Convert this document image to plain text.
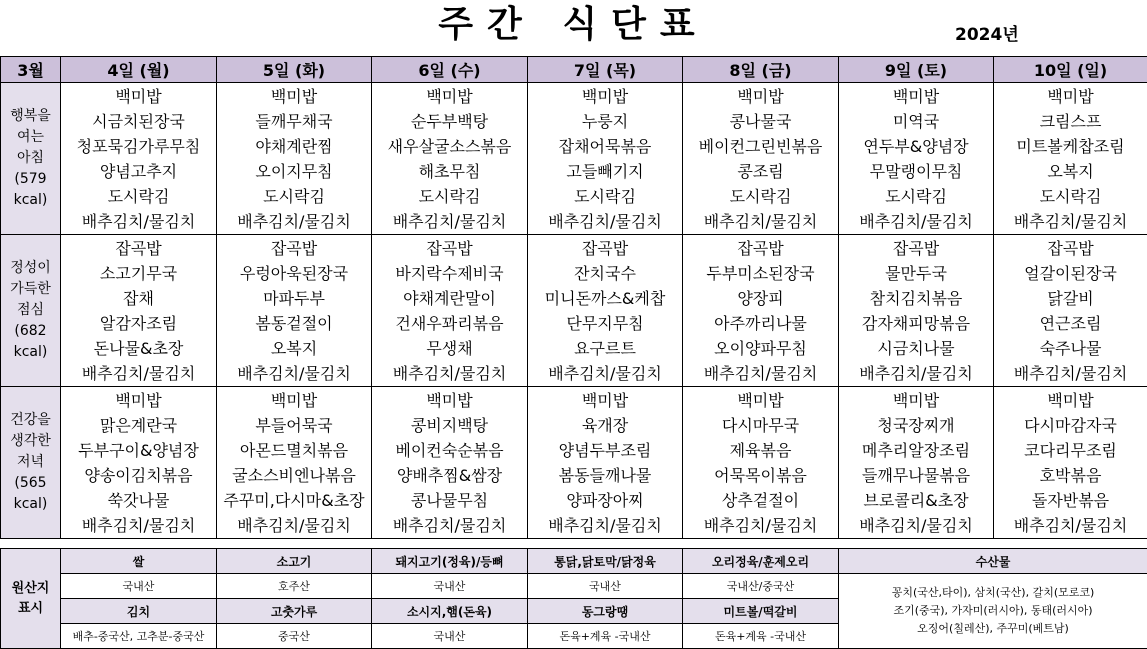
주간 식단표	2024년
3월	4일 (월)	5일 (화)	6일 (수)	7일 (목)	8일 (금)	9일 (토)	10일 (일)
행복을
여는
아침
(579
kcal)	백미밥	백미밥	백미밥	백미밥	백미밥	백미밥	백미밥
	시금치된장국	들깨무채국	순두부백탕	누룽지	콩나물국	미역국	크림스프
	청포묵김가루무침	야채계란찜	새우살굴소스볶음	잡채어묵볶음	베이컨그린빈볶음	연두부&양념장	미트볼케찹조림
	양념고추지	오이지무침	해초무침	고들빼기지	콩조림	무말랭이무침	오복지
	도시락김	도시락김	도시락김	도시락김	도시락김	도시락김	도시락김
	배추김치/물김치	배추김치/물김치	배추김치/물김치	배추김치/물김치	배추김치/물김치	배추김치/물김치	배추김치/물김치
정성이
가득한
점심
(682
kcal)	잡곡밥	잡곡밥	잡곡밥	잡곡밥	잡곡밥	잡곡밥	잡곡밥
	소고기무국	우렁아욱된장국	바지락수제비국	잔치국수	두부미소된장국	물만두국	얼갈이된장국
	잡채	마파두부	야채계란말이	미니돈까스&케찹	양장피	참치김치볶음	닭갈비
	알감자조림	봄동겉절이	건새우꽈리볶음	단무지무침	아주까리나물	감자채피망볶음	연근조림
	돈나물&초장	오복지	무생채	요구르트	오이양파무침	시금치나물	숙주나물
	배추김치/물김치	배추김치/물김치	배추김치/물김치	배추김치/물김치	배추김치/물김치	배추김치/물김치	배추김치/물김치
건강을
생각한
저녁
(565
kcal)	백미밥	백미밥	백미밥	백미밥	백미밥	백미밥	백미밥
	맑은계란국	부들어묵국	콩비지백탕	육개장	다시마무국	청국장찌개	다시마감자국
	두부구이&양념장	아몬드멸치볶음	베이컨숙순볶음	양념두부조림	제육볶음	메추리알장조림	코다리무조림
	양송이김치볶음	굴소스비엔나볶음	양배추찜&쌈장	봄동들깨나물	어묵목이볶음	들깨무나물볶음	호박볶음
	쑥갓나물	주꾸미,다시마&초장	콩나물무침	양파장아찌	상추겉절이	브로콜리&초장	돌자반볶음
	배추김치/물김치	배추김치/물김치	배추김치/물김치	배추김치/물김치	배추김치/물김치	배추김치/물김치	배추김치/물김치
원산지
표시	쌀	소고기	돼지고기(정육)/등뼈	통닭,닭토막/닭정육	오리정육/훈제오리	수산물
	국내산	호주산	국내산	국내산	국내산/중국산	꽁치(국산,타이), 삼치(국산), 갈치(모로코)
조기(중국), 가자미(러시아), 동태(러시아)
오징어(칠레산), 주꾸미(베트남)
	김치	고춧가루	소시지,햄(돈육)	동그랑땡	미트볼/떡갈비	
	배추-중국산, 고추분-중국산	중국산	국내산	돈육+계육 -국내산	돈육+계육 -국내산	
